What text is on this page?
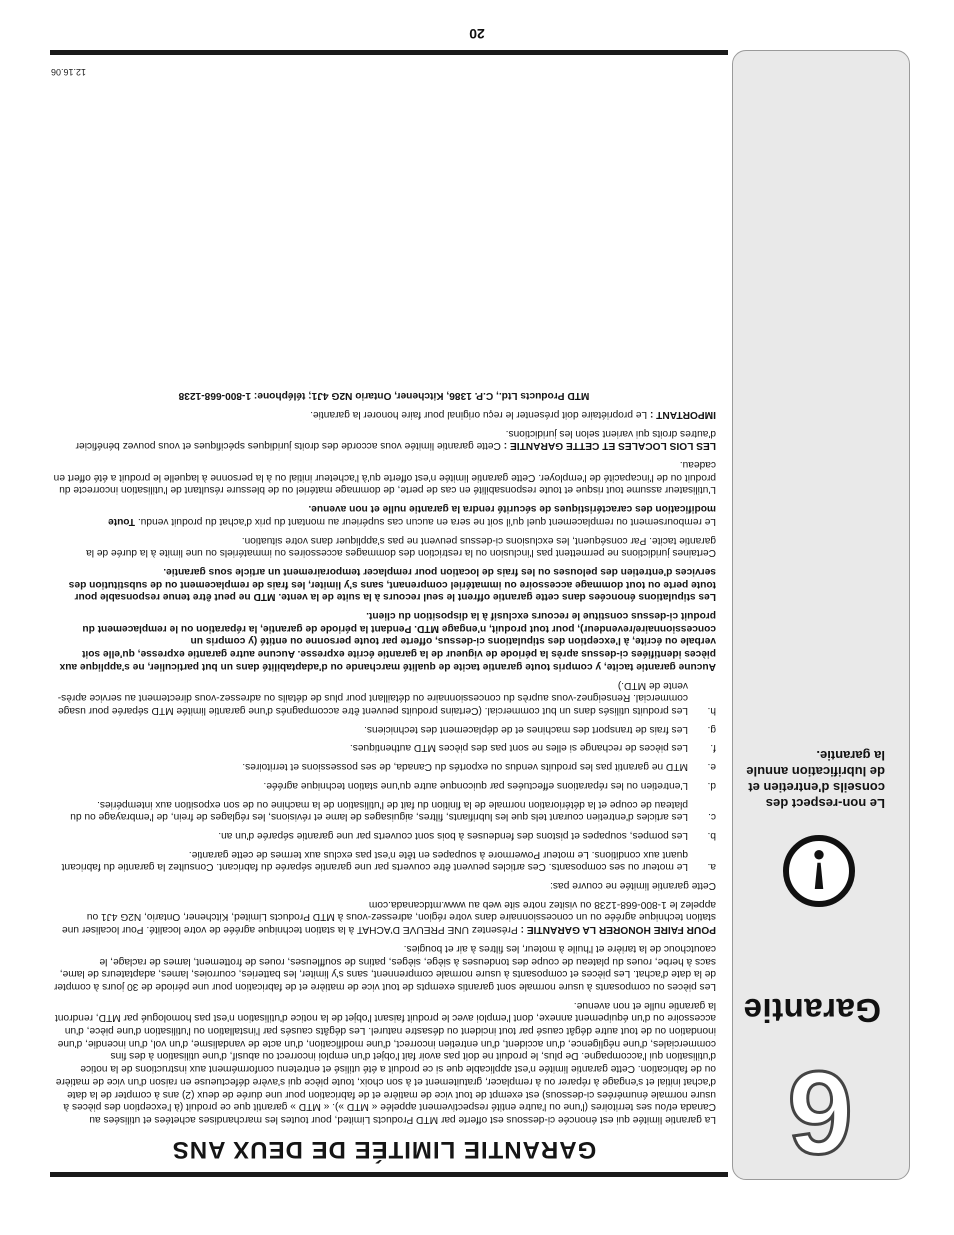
6
Garantie
!
Le non-respect des conseils d'entretien et de lubrification annule la garantie.
GARANTIE LIMITÉE DE DEUX ANS

La garantie limitée qui est énoncée ci-dessous est offerte par MTD Products Limited, pour toutes les marchandises achetées et utilisées au Canada et/ou ses territoires (l'une ou l'autre entité respectivement appelée « MTD »). « MTD » garantit que ce produit (à l'exception des pièces à usure normale énumérées ci-dessous) est exempt de tout vice de matière et de fabrication pour une durée de deux (2) ans à compter de la date d'achat initial et s'engage à réparer ou à remplacer, gratuitement et à son choix, toute pièce qui s'avère défectueuse en raison d'un vice de matière ou de fabrication. Cette garantie limitée n'est applicable que si ce produit a été utilisé et entretenu conformément aux instructions de la notice d'utilisation qui l'accompagne. De plus, le produit ne doit pas avoir fait l'objet d'un emploi incorrect ou abusif, d'une utilisation à des fins commerciales, d'une négligence, d'un accident, d'un entretien incorrect, d'une modification, d'un acte de vandalisme, d'un vol, d'un incendie, d'une inondation ou de tout autre dégât causé par tout incident ou désastre naturel. Les dégâts causés par l'installation ou l'utilisation d'une pièce, d'un accessoire ou d'un équipement annexe, dont l'emploi avec le produit faisant l'objet de la notice d'utilisation n'est pas homologué par MTD, rendront la garantie nulle et non avenue.

Les pièces ou composants à usure normale sont garantis exempts de tout vice de matière et de fabrication pour une période de 30 jours à compter de la date d'achat. Les pièces et composants à usure normale comprennent, sans s'y limiter, les batteries, courroies, lames, adaptateurs de lame, sacs à herbe, roues du plateau de coupe des tondeuses à siège, sièges, patins de souffleuses, roues de frottement, lames de raclage, le caoutchouc de la tarière et l'huile à moteur, les filtres à air et bougies.

POUR FAIRE HONORER LA GARANTIE : Présentez UNE PREUVE D'ACHAT à la station technique agréée de votre localité. Pour localiser une station technique agréée ou un concessionnaire dans votre région, adressez-vous à MTD Products Limited, Kitchener, Ontario, N2G 4J1 ou appelez le 1-800-668-1238 ou visitez notre site web au www.mtdcanada.com

Cette garantie limitée ne couvre pas:

a.
Le moteur ou ses composants. Ces articles peuvent être couverts par une garantie séparée du fabricant. Consultez la garantie du fabricant quant aux conditions. Le moteur Powermore à soupapes en tête n'est pas exclus aux termes de cette garantie.
b.
Les pompes, soupapes et pistons des fendeuses à bois sont couverts par une garantie séparée d'un an.
c.
Les articles d'entretien courant tels que les lubrifiants, filtres, aiguisages de lame et révisions, les réglages de frein, de l'embrayage ou du plateau de coupe et la détérioration normale de la finition du fait de l'utilisation de la machine ou de son exposition aux intempéries.
d.
L'entretien ou les réparations effectuées par quiconque autre qu'une station technique agréée.
e.
MTD ne garantit pas les produits vendus ou exportés du Canada, de ses possessions et territoires.
f.
Les pièces de rechange si elles ne sont pas des pièces MTD authentiques.
g.
Les frais de transport des machines et de déplacement des techniciens.
h.
Les produits utilisés dans un but commercial. (Certains produits peuvent être accompagnés d'une garantie limitée MTD séparée pour usage commercial. Renseignez-vous auprès du concessionnaire ou détaillant pour plus de détails ou adressez-vous directement au service après-vente de MTD.)

Aucune garantie tacite, y compris toute garantie tacite de qualité marchande ou d'adaptabilité dans un but particulier, ne s'applique aux pièces identifiées ci-dessus après la période de vigueur de la garantie écrite expresse. Aucune autre garantie expresse, qu'elle soit verbale ou écrite, à l'exception des stipulations ci-dessus, offerte par toute personne ou entité (y compris un concessionnaire/revendeur), pour tout produit, n'engage MTD. Pendant la période de garantie, la réparation ou le remplacement du produit ci-dessus constitue le recours exclusif à la disposition du client.

Les stipulations énoncées dans cette garantie offrent le seul recours à la suite de la vente. MTD ne peut être tenue responsable pour toute perte ou tout dommage accessoire ou immatériel comprenant, sans s'y limiter, les frais de remplacement ou de substitution des services d'entretien des pelouses ou les frais de location pour remplacer temporairement un article sous garantie.

Certaines juridictions ne permettent pas l'inclusion ou la restriction des dommages accessoires ou immatériels ou une limite à la durée de la garantie tacite. Par conséquent, les exclusions ci-dessus peuvent ne pas s'appliquer dans votre situation.

Le remboursement ou remplacement quel qu'il soit ne sera en aucun cas supérieur au montant du prix d'achat du produit vendu. Toute modification des caractéristiques de sécurité rendra la garantie nulle et non avenue.

L'utilisateur assume tout risque et toute responsabilité en cas de perte, de dommage matériel ou de blessure résultant de l'utilisation incorrecte du produit ou de l'incapacité de l'employer. Cette garantie limitée n'est offerte qu'à l'acheteur initial ou à la personne à laquelle le produit a été offert en cadeau.

LES LOIS LOCALES ET CETTE GARANTIE : Cette garantie limitée vous accorde des droits juridiques spécifiques et vous pouvez bénéficier d'autres droits qui varient selon les juridictions.

IMPORTANT : Le propriétaire doit présenter le reçu original pour faire honorer la garantie.

MTD Products Ltd., C.P. 1386, Kitchener, Ontario N2G 4J1; téléphone: 1-800-668-1238

12.16.06
20
